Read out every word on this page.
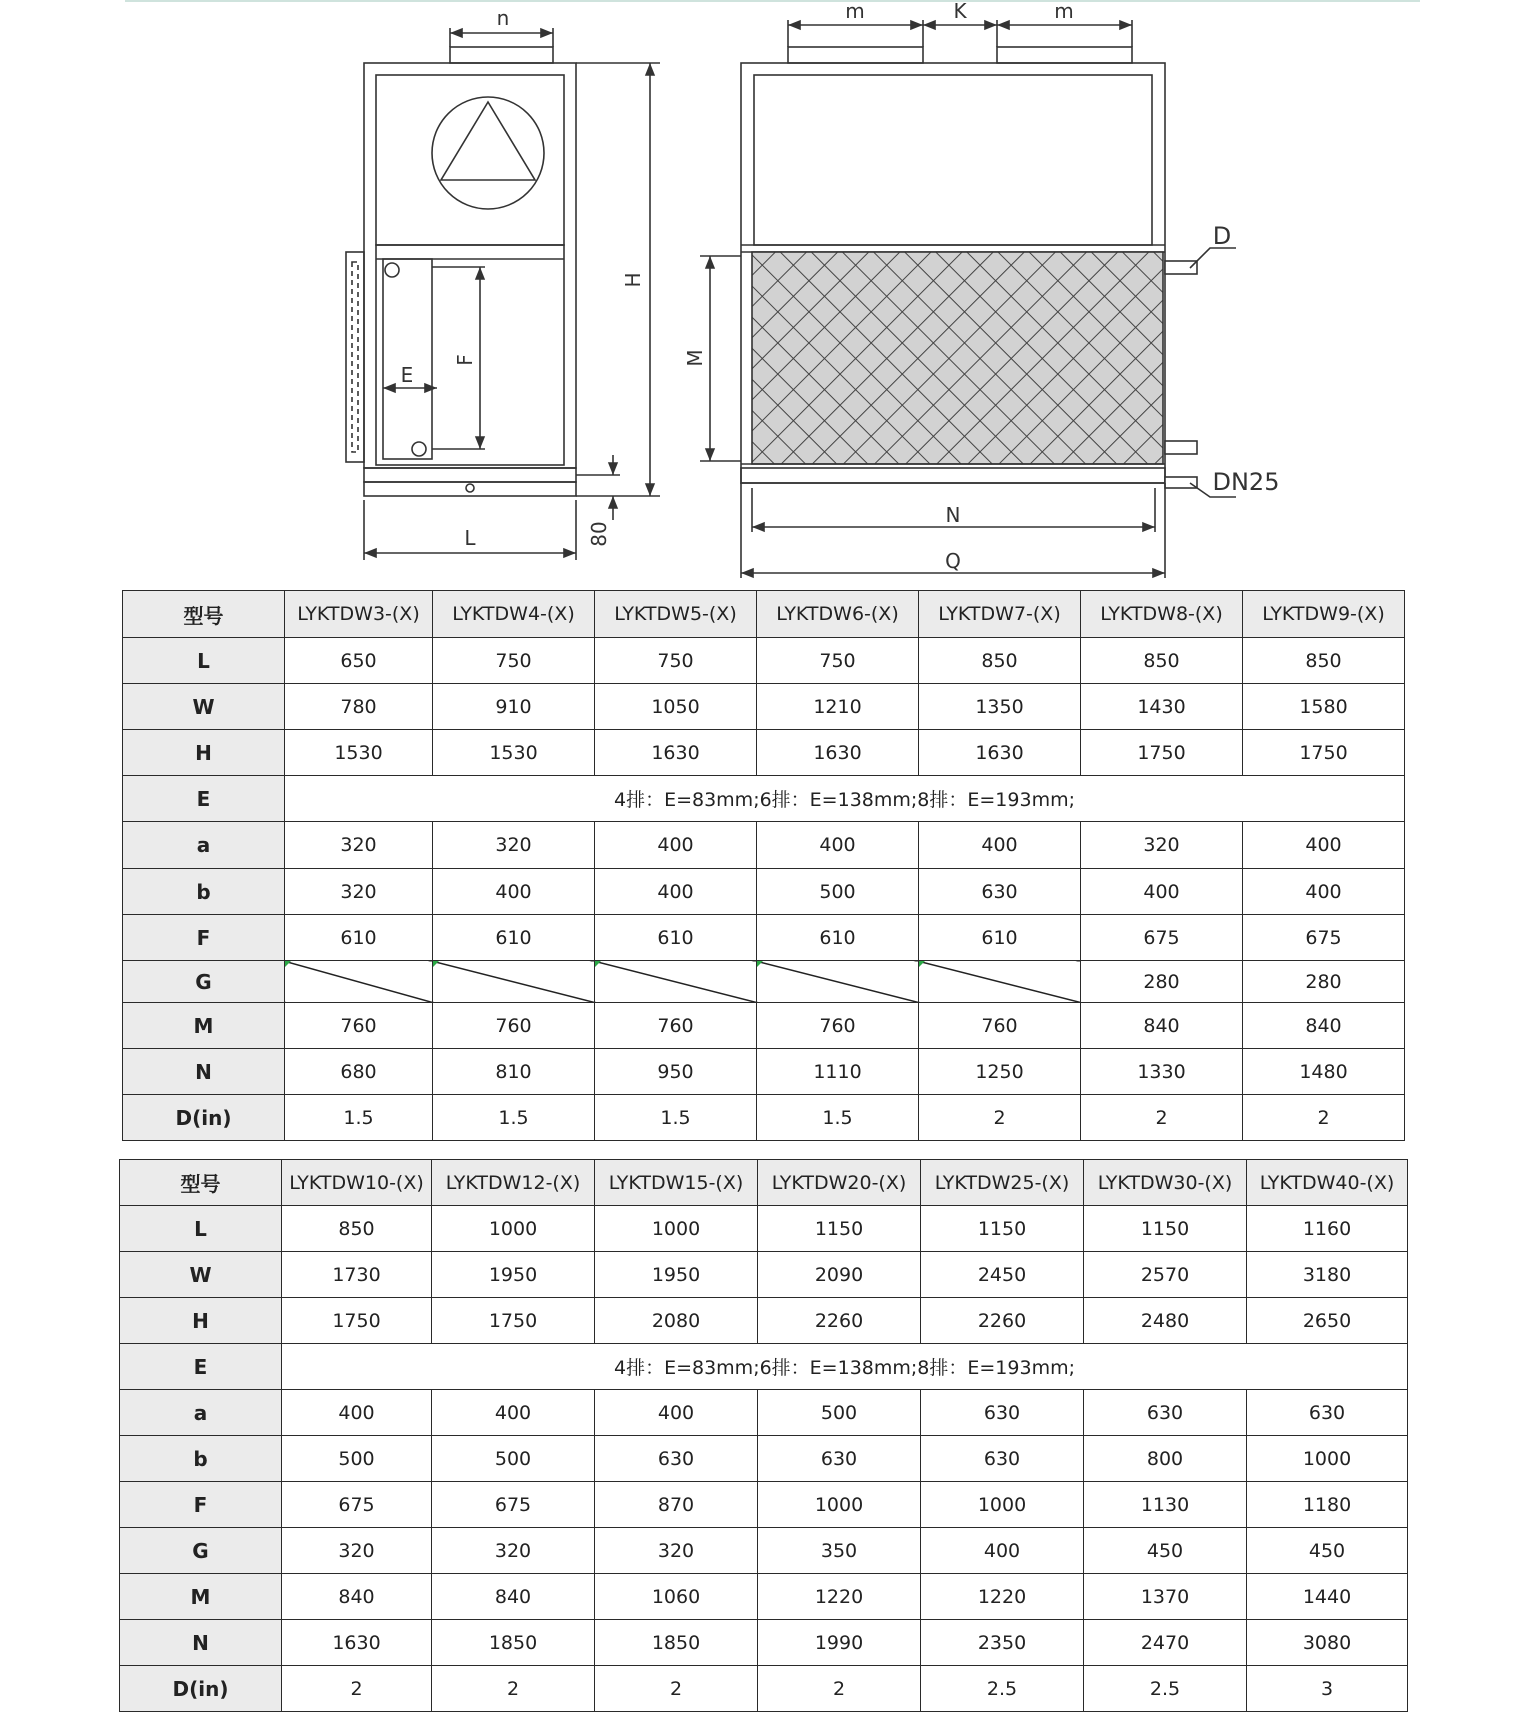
n
H
F
E
80
L
m	K	m
D
M
DN25
N
Q
型号	LYKTDW3-(X)	LYKTDW4-(X)	LYKTDW5-(X)	LYKTDW6-(X)	LYKTDW7-(X)	LYKTDW8-(X)	LYKTDW9-(X)
L	650	750	750	750	850	850	850
W	780	910	1050	1210	1350	1430	1580
H	1530	1530	1630	1630	1630	1750	1750
E	4排：E=83mm;6排：E=138mm;8排：E=193mm;						
a	320	320	400	400	400	320	400
b	320	400	400	500	630	400	400
F	610	610	610	610	610	675	675
G						280	280
M	760	760	760	760	760	840	840
N	680	810	950	1110	1250	1330	1480
D(in)	1.5	1.5	1.5	1.5	2	2	2
型号	LYKTDW10-(X)	LYKTDW12-(X)	LYKTDW15-(X)	LYKTDW20-(X)	LYKTDW25-(X)	LYKTDW30-(X)	LYKTDW40-(X)
L	850	1000	1000	1150	1150	1150	1160
W	1730	1950	1950	2090	2450	2570	3180
H	1750	1750	2080	2260	2260	2480	2650
E	4排：E=83mm;6排：E=138mm;8排：E=193mm;						
a	400	400	400	500	630	630	630
b	500	500	630	630	630	800	1000
F	675	675	870	1000	1000	1130	1180
G	320	320	320	350	400	450	450
M	840	840	1060	1220	1220	1370	1440
N	1630	1850	1850	1990	2350	2470	3080
D(in)	2	2	2	2	2.5	2.5	3
